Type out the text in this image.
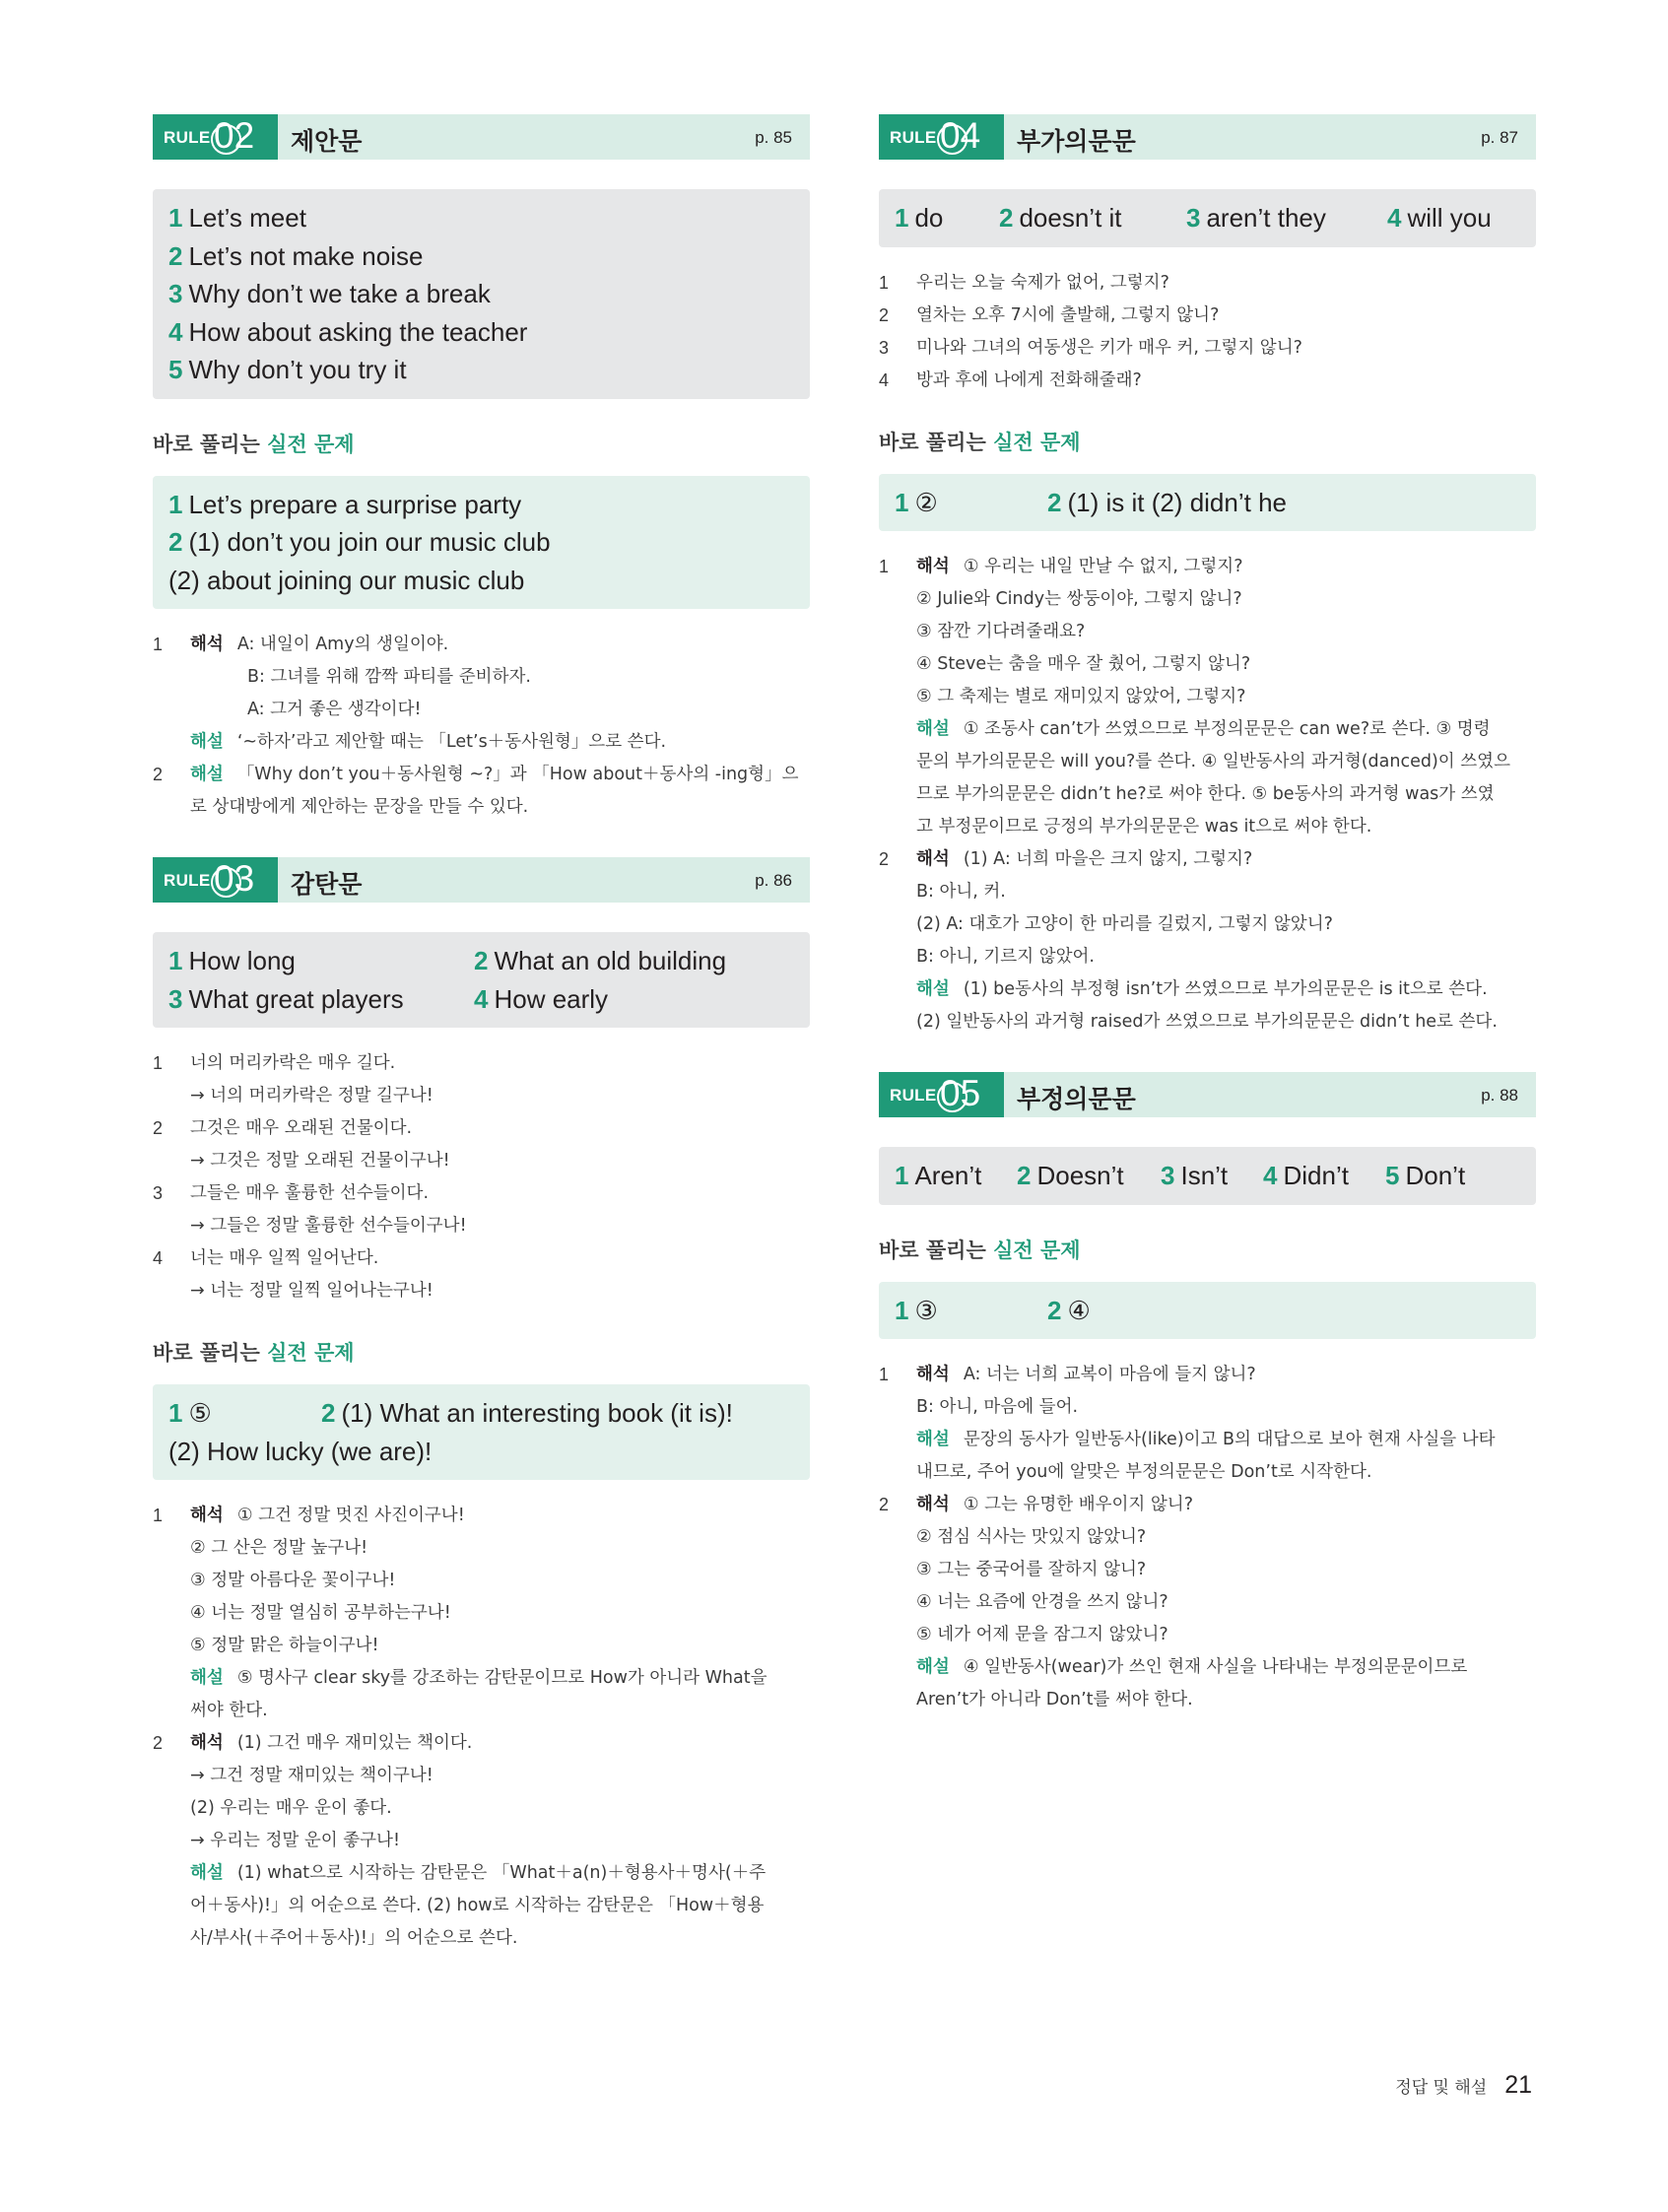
RULE 02 제안문	p. 85
1 Let’s meet
2 Let’s not make noise
3 Why don’t we take a break
4 How about asking the teacher
5 Why don’t you try it
바로 풀리는 실전 문제
1 Let’s prepare a surprise party
2 (1) don’t you join our music club
(2) about joining our music club
1 해석 A: 내일이 Amy의 생일이야.
B: 그녀를 위해 깜짝 파티를 준비하자.
A: 그거 좋은 생각이다!
해설 ‘~하자’라고 제안할 때는 「Let’s＋동사원형」으로 쓴다.
2 해설 「Why don’t you＋동사원형 ~?」과 「How about＋동사의 -ing형」으
로 상대방에게 제안하는 문장을 만들 수 있다.
RULE 03 감탄문	p. 86
1 How long	2 What an old building
3 What great players	4 How early
1 너의 머리카락은 매우 길다.
→ 너의 머리카락은 정말 길구나!
2 그것은 매우 오래된 건물이다.
→ 그것은 정말 오래된 건물이구나!
3 그들은 매우 훌륭한 선수들이다.
→ 그들은 정말 훌륭한 선수들이구나!
4 너는 매우 일찍 일어난다.
→ 너는 정말 일찍 일어나는구나!
바로 풀리는 실전 문제
1 ⑤	2 (1) What an interesting book (it is)!
(2) How lucky (we are)!
1 해석 ① 그건 정말 멋진 사진이구나!
② 그 산은 정말 높구나!
③ 정말 아름다운 꽃이구나!
④ 너는 정말 열심히 공부하는구나!
⑤ 정말 맑은 하늘이구나!
해설 ⑤ 명사구 clear sky를 강조하는 감탄문이므로 How가 아니라 What을
써야 한다.
2 해석 (1) 그건 매우 재미있는 책이다.
→ 그건 정말 재미있는 책이구나!
(2) 우리는 매우 운이 좋다.
→ 우리는 정말 운이 좋구나!
해설 (1) what으로 시작하는 감탄문은 「What＋a(n)＋형용사＋명사(＋주
어＋동사)!」의 어순으로 쓴다. (2) how로 시작하는 감탄문은 「How＋형용
사/부사(＋주어＋동사)!」의 어순으로 쓴다.
RULE 04 부가의문문	p. 87
1 do	2 doesn’t it	3 aren’t they	4 will you
1 우리는 오늘 숙제가 없어, 그렇지?
2 열차는 오후 7시에 출발해, 그렇지 않니?
3 미나와 그녀의 여동생은 키가 매우 커, 그렇지 않니?
4 방과 후에 나에게 전화해줄래?
바로 풀리는 실전 문제
1 ②	2 (1) is it (2) didn’t he
1 해석 ① 우리는 내일 만날 수 없지, 그렇지?
② Julie와 Cindy는 쌍둥이야, 그렇지 않니?
③ 잠깐 기다려줄래요?
④ Steve는 춤을 매우 잘 췄어, 그렇지 않니?
⑤ 그 축제는 별로 재미있지 않았어, 그렇지?
해설 ① 조동사 can’t가 쓰였으므로 부정의문문은 can we?로 쓴다. ③ 명령
문의 부가의문문은 will you?를 쓴다. ④ 일반동사의 과거형(danced)이 쓰였으
므로 부가의문문은 didn’t he?로 써야 한다. ⑤ be동사의 과거형 was가 쓰였
고 부정문이므로 긍정의 부가의문문은 was it으로 써야 한다.
2 해석 (1) A: 너희 마을은 크지 않지, 그렇지?
B: 아니, 커.
(2) A: 대호가 고양이 한 마리를 길렀지, 그렇지 않았니?
B: 아니, 기르지 않았어.
해설 (1) be동사의 부정형 isn’t가 쓰였으므로 부가의문문은 is it으로 쓴다.
(2) 일반동사의 과거형 raised가 쓰였으므로 부가의문문은 didn’t he로 쓴다.
RULE 05 부정의문문	p. 88
1 Aren’t	2 Doesn’t	3 Isn’t	4 Didn’t	5 Don’t
바로 풀리는 실전 문제
1 ③	2 ④
1 해석 A: 너는 너희 교복이 마음에 들지 않니?
B: 아니, 마음에 들어.
해설 문장의 동사가 일반동사(like)이고 B의 대답으로 보아 현재 사실을 나타
내므로, 주어 you에 알맞은 부정의문문은 Don’t로 시작한다.
2 해석 ① 그는 유명한 배우이지 않니?
② 점심 식사는 맛있지 않았니?
③ 그는 중국어를 잘하지 않니?
④ 너는 요즘에 안경을 쓰지 않니?
⑤ 네가 어제 문을 잠그지 않았니?
해설 ④ 일반동사(wear)가 쓰인 현재 사실을 나타내는 부정의문문이므로
Aren’t가 아니라 Don’t를 써야 한다.
정답 및 해설 21
